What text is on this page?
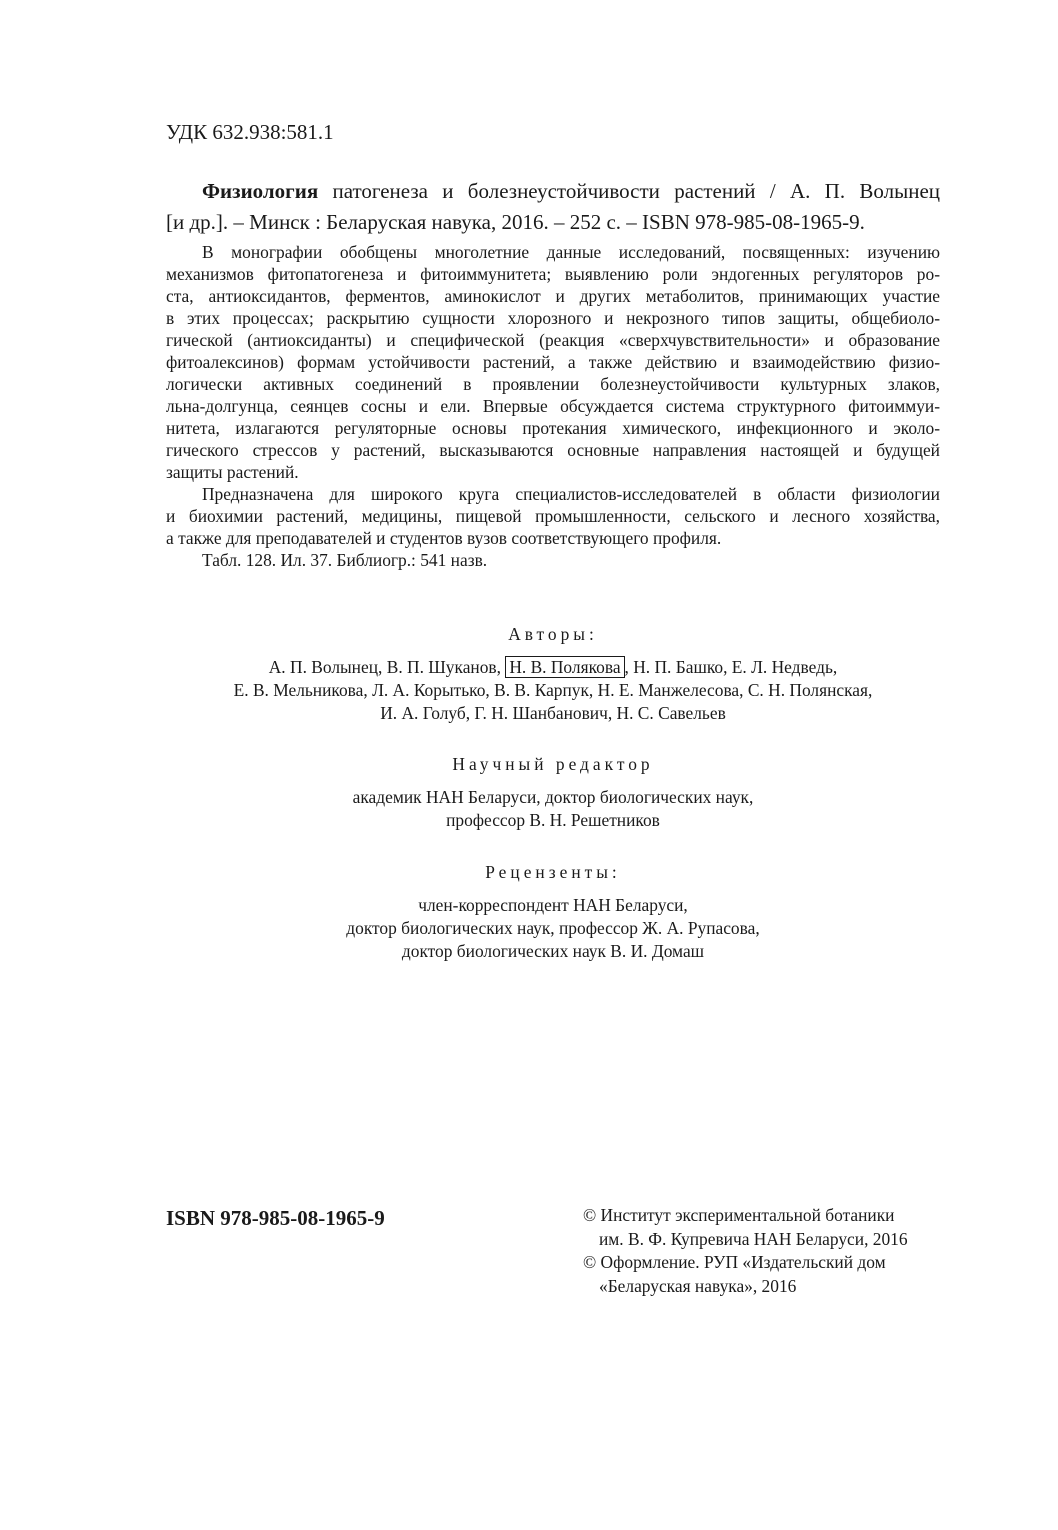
УДК 632.938:581.1
Физиология патогенеза и болезнеустойчивости растений / А. П. Волынец
[и др.]. – Минск : Беларуская навука, 2016. – 252 с. – ISBN 978-985-08-1965-9.

В монографии обобщены многолетние данные исследований, посвященных: изучению
механизмов фитопатогенеза и фитоиммунитета; выявлению роли эндогенных регуляторов ро-
ста, антиоксидантов, ферментов, аминокислот и других метаболитов, принимающих участие
в этих процессах; раскрытию сущности хлорозного и некрозного типов защиты, общебиоло-
гической (антиоксиданты) и специфической (реакция «сверхчувствительности» и образование
фитоалексинов) формам устойчивости растений, а также действию и взаимодействию физио-
логически активных соединений в проявлении болезнеустойчивости культурных злаков,
льна-долгунца, сеянцев сосны и ели. Впервые обсуждается система структурного фитоиммуи-
нитета, излагаются регуляторные основы протекания химического, инфекционного и эколо-
гического стрессов у растений, высказываются основные направления настоящей и будущей
защиты растений.

Предназначена для широкого круга специалистов-исследователей в области физиологии
и биохимии растений, медицины, пищевой промышленности, сельского и лесного хозяйства,
а также для преподавателей и студентов вузов соответствующего профиля.

Табл. 128. Ил. 37. Библиогр.: 541 назв.

Авторы:
А. П. Волынец, В. П. Шуканов, Н. В. Полякова , Н. П. Башко, Е. Л. Недведь,
Е. В. Мельникова, Л. А. Корытько, В. В. Карпук, Н. Е. Манжелесова, С. Н. Полянская,
И. А. Голуб, Г. Н. Шанбанович, Н. С. Савельев
Научный редактор
академик НАН Беларуси, доктор биологических наук,
профессор В. Н. Решетников
Рецензенты:
член-корреспондент НАН Беларуси,
доктор биологических наук, профессор Ж. А. Рупасова,
доктор биологических наук В. И. Домаш
ISBN 978-985-08-1965-9	© Институт экспериментальной ботаники
им. В. Ф. Купревича НАН Беларуси, 2016
© Оформление. РУП «Издательский дом
«Беларуская навука», 2016
